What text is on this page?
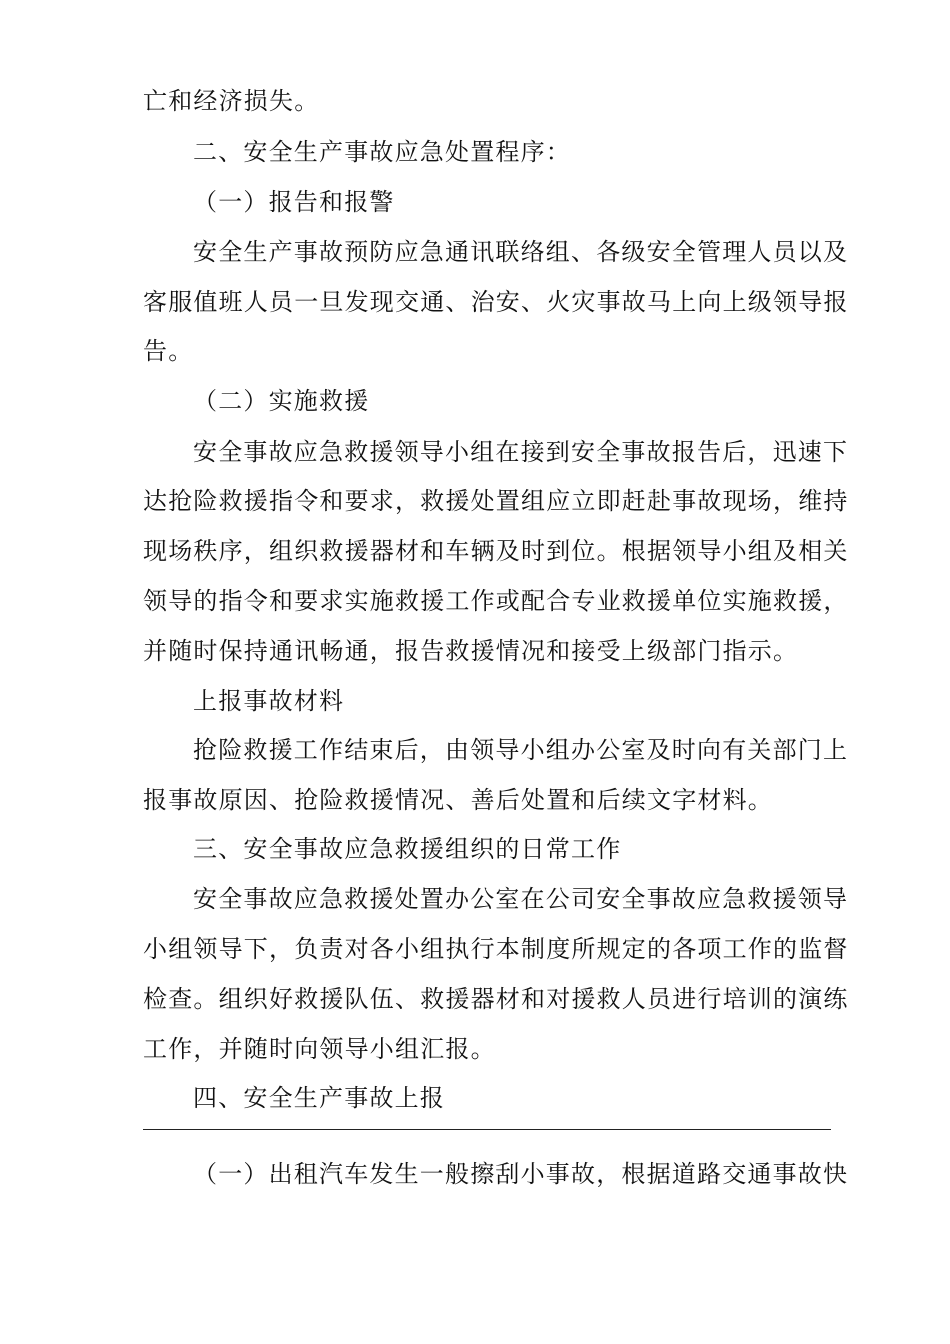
亡和经济损失。
二、安全生产事故应急处置程序：
（一）报告和报警
安全生产事故预防应急通讯联络组、各级安全管理人员以及
客服值班人员一旦发现交通、治安、火灾事故马上向上级领导报
告。
（二）实施救援
安全事故应急救援领导小组在接到安全事故报告后，迅速下
达抢险救援指令和要求，救援处置组应立即赶赴事故现场，维持
现场秩序，组织救援器材和车辆及时到位。根据领导小组及相关
领导的指令和要求实施救援工作或配合专业救援单位实施救援，
并随时保持通讯畅通，报告救援情况和接受上级部门指示。
上报事故材料
抢险救援工作结束后，由领导小组办公室及时向有关部门上
报事故原因、抢险救援情况、善后处置和后续文字材料。
三、安全事故应急救援组织的日常工作
安全事故应急救援处置办公室在公司安全事故应急救援领导
小组领导下，负责对各小组执行本制度所规定的各项工作的监督
检查。组织好救援队伍、救援器材和对援救人员进行培训的演练
工作，并随时向领导小组汇报。
四、安全生产事故上报
（一）出租汽车发生一般擦刮小事故，根据道路交通事故快
